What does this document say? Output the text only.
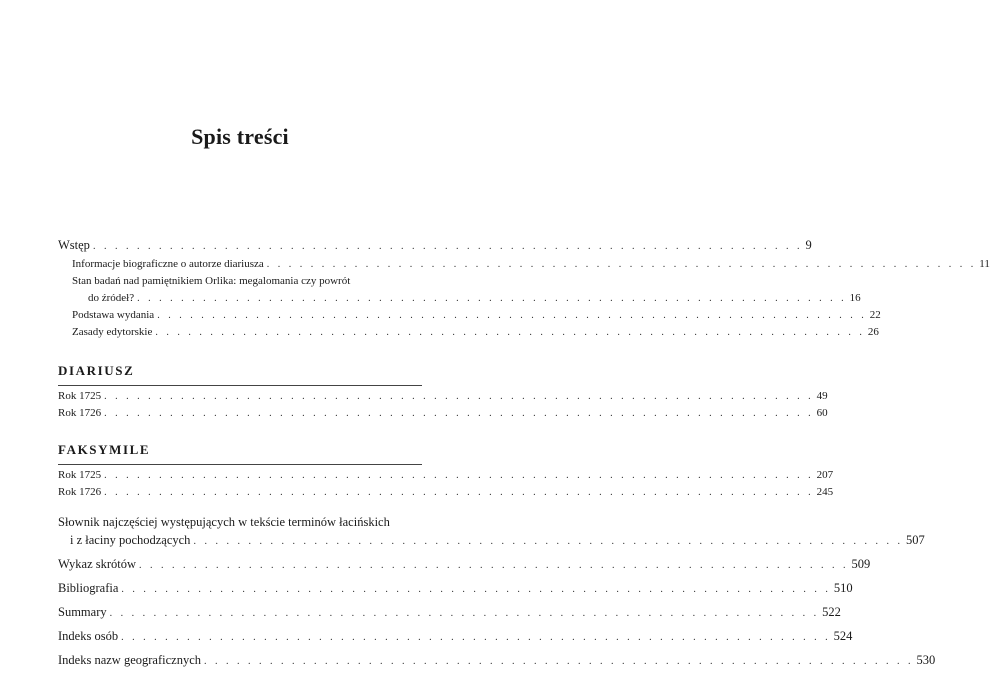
Spis treści
Wstęp . . . . . . . . . . . . . . . . . . . . . . . . . . . . . . . . . . . . . . . . . . . . . . . . . . . . . . . . . . . . . . . . . 9
Informacje biograficzne o autorze diariusza . . . . . . . . . . . . . . . . . . . . . . . . . . . . . . . . . . . . . . . . . . . . . . . . . . . . . . . . . . . . . . . . . 11
Stan badań nad pamiętnikiem Orlika: megalomania czy powrót
do źródeł? . . . . . . . . . . . . . . . . . . . . . . . . . . . . . . . . . . . . . . . . . . . . . . . . . . . . . . . . . . . . . . . . . 16
Podstawa wydania . . . . . . . . . . . . . . . . . . . . . . . . . . . . . . . . . . . . . . . . . . . . . . . . . . . . . . . . . . . . . . . . . 22
Zasady edytorskie . . . . . . . . . . . . . . . . . . . . . . . . . . . . . . . . . . . . . . . . . . . . . . . . . . . . . . . . . . . . . . . . . 26
DIARIUSZ
Rok 1725 . . . . . . . . . . . . . . . . . . . . . . . . . . . . . . . . . . . . . . . . . . . . . . . . . . . . . . . . . . . . . . . . . 49
Rok 1726 . . . . . . . . . . . . . . . . . . . . . . . . . . . . . . . . . . . . . . . . . . . . . . . . . . . . . . . . . . . . . . . . . 60
FAKSYMILE
Rok 1725 . . . . . . . . . . . . . . . . . . . . . . . . . . . . . . . . . . . . . . . . . . . . . . . . . . . . . . . . . . . . . . . . . 207
Rok 1726 . . . . . . . . . . . . . . . . . . . . . . . . . . . . . . . . . . . . . . . . . . . . . . . . . . . . . . . . . . . . . . . . . 245
Słownik najczęściej występujących w tekście terminów łacińskich
i z łaciny pochodzących . . . . . . . . . . . . . . . . . . . . . . . . . . . . . . . . . . . . . . . . . . . . . . . . . . . . . . . . . . . . . . . . . 507
Wykaz skrótów . . . . . . . . . . . . . . . . . . . . . . . . . . . . . . . . . . . . . . . . . . . . . . . . . . . . . . . . . . . . . . . . . 509
Bibliografia . . . . . . . . . . . . . . . . . . . . . . . . . . . . . . . . . . . . . . . . . . . . . . . . . . . . . . . . . . . . . . . . . 510
Summary . . . . . . . . . . . . . . . . . . . . . . . . . . . . . . . . . . . . . . . . . . . . . . . . . . . . . . . . . . . . . . . . . 522
Indeks osób . . . . . . . . . . . . . . . . . . . . . . . . . . . . . . . . . . . . . . . . . . . . . . . . . . . . . . . . . . . . . . . . . 524
Indeks nazw geograficznych . . . . . . . . . . . . . . . . . . . . . . . . . . . . . . . . . . . . . . . . . . . . . . . . . . . . . . . . . . . . . . . . . 530
